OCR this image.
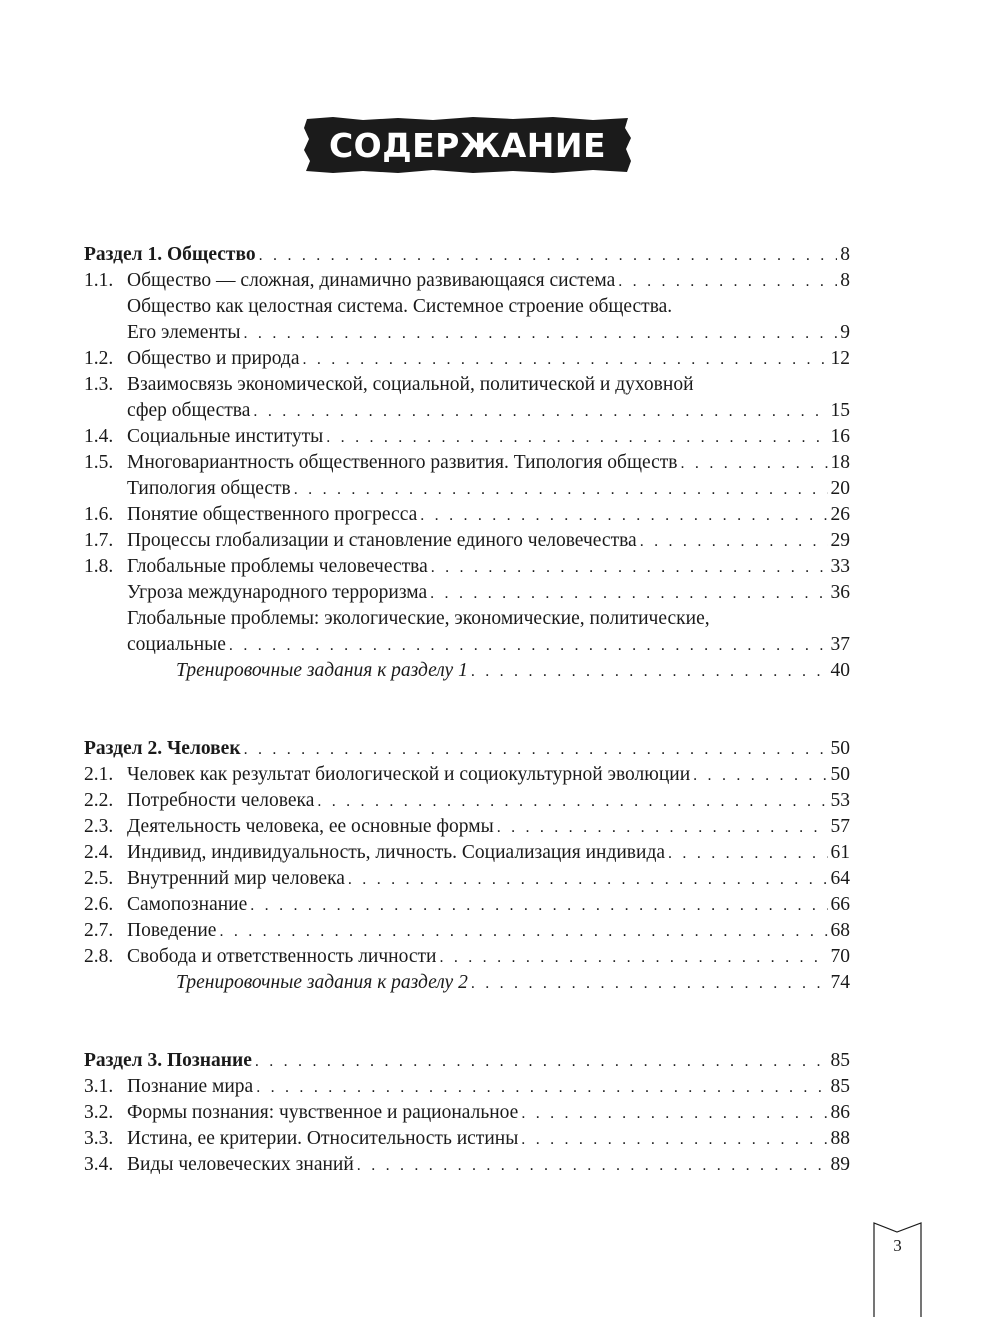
СОДЕРЖАНИЕ
Раздел 1. Общество . . .	8
1.1. Общество — сложная, динамично развивающаяся система . . .	8
Общество как целостная система. Системное строение общества.
Его элементы . . .	9
1.2. Общество и природа . . .	12
1.3. Взаимосвязь экономической, социальной, политической и духовной
сфер общества . . .	15
1.4. Социальные институты . . .	16
1.5. Многовариантность общественного развития. Типология обществ . . .	18
Типология обществ . . .	20
1.6. Понятие общественного прогресса . . .	26
1.7. Процессы глобализации и становление единого человечества . . .	29
1.8. Глобальные проблемы человечества . . .	33
Угроза международного терроризма . . .	36
Глобальные проблемы: экологические, экономические, политические,
социальные . . .	37
Тренировочные задания к разделу 1 . . .	40
Раздел 2. Человек . . .	50
2.1. Человек как результат биологической и социокультурной эволюции . . .	50
2.2. Потребности человека . . .	53
2.3. Деятельность человека, ее основные формы . . .	57
2.4. Индивид, индивидуальность, личность. Социализация индивида . . .	61
2.5. Внутренний мир человека . . .	64
2.6. Самопознание . . .	66
2.7. Поведение . . .	68
2.8. Свобода и ответственность личности . . .	70
Тренировочные задания к разделу 2 . . .	74
Раздел 3. Познание . . .	85
3.1. Познание мира . . .	85
3.2. Формы познания: чувственное и рациональное . . .	86
3.3. Истина, ее критерии. Относительность истины . . .	88
3.4. Виды человеческих знаний . . .	89
3
